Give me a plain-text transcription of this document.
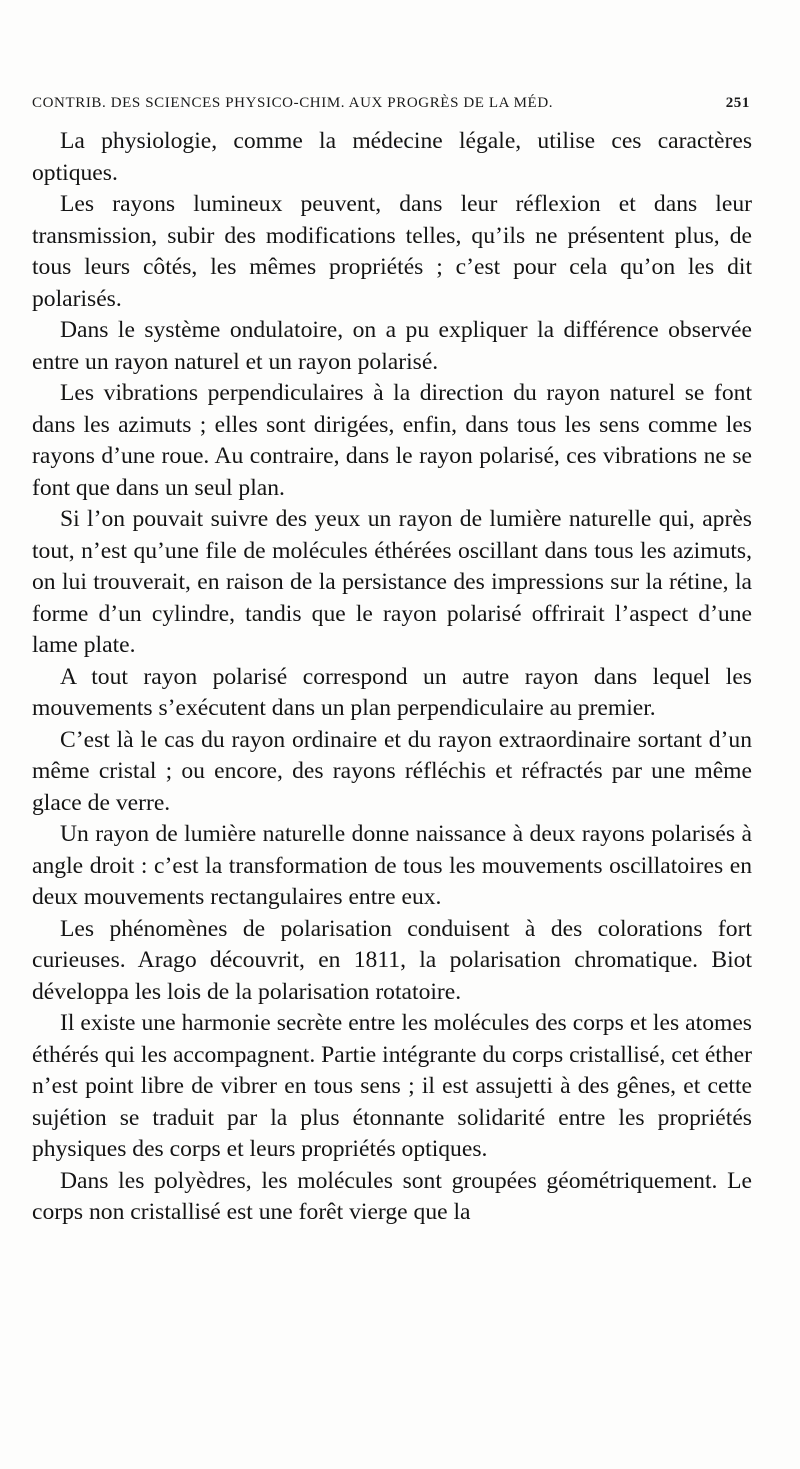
CONTRIB. DES SCIENCES PHYSICO-CHIM. AUX PROGRÈS DE LA MÉD.	251

La physiologie, comme la médecine légale, utilise ces caractères optiques.

Les rayons lumineux peuvent, dans leur réflexion et dans leur transmission, subir des modifications telles, qu’ils ne présentent plus, de tous leurs côtés, les mêmes propriétés ; c’est pour cela qu’on les dit polarisés.

Dans le système ondulatoire, on a pu expliquer la différence observée entre un rayon naturel et un rayon polarisé.

Les vibrations perpendiculaires à la direction du rayon naturel se font dans les azimuts ; elles sont dirigées, enfin, dans tous les sens comme les rayons d’une roue. Au contraire, dans le rayon polarisé, ces vibrations ne se font que dans un seul plan.

Si l’on pouvait suivre des yeux un rayon de lumière naturelle qui, après tout, n’est qu’une file de molécules éthérées oscillant dans tous les azimuts, on lui trouverait, en raison de la persistance des impressions sur la rétine, la forme d’un cylindre, tandis que le rayon polarisé offrirait l’aspect d’une lame plate.

A tout rayon polarisé correspond un autre rayon dans lequel les mouvements s’exécutent dans un plan perpendiculaire au premier.

C’est là le cas du rayon ordinaire et du rayon extraordinaire sortant d’un même cristal ; ou encore, des rayons réfléchis et réfractés par une même glace de verre.

Un rayon de lumière naturelle donne naissance à deux rayons polarisés à angle droit : c’est la transformation de tous les mouvements oscillatoires en deux mouvements rectangulaires entre eux.

Les phénomènes de polarisation conduisent à des colorations fort curieuses. Arago découvrit, en 1811, la polarisation chromatique. Biot développa les lois de la polarisation rotatoire.

Il existe une harmonie secrète entre les molécules des corps et les atomes éthérés qui les accompagnent. Partie intégrante du corps cristallisé, cet éther n’est point libre de vibrer en tous sens ; il est assujetti à des gênes, et cette sujétion se traduit par la plus étonnante solidarité entre les propriétés physiques des corps et leurs propriétés optiques.

Dans les polyèdres, les molécules sont groupées géométriquement. Le corps non cristallisé est une forêt vierge que la
